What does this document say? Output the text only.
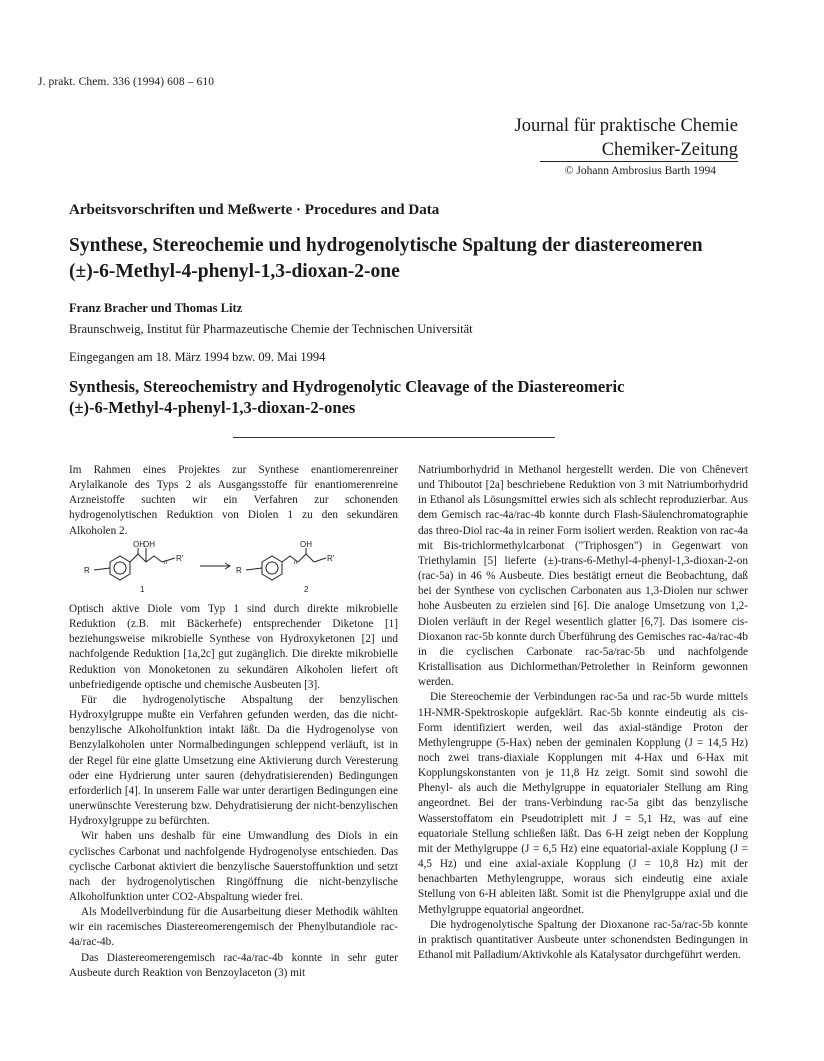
J. prakt. Chem. 336 (1994) 608 – 610
Journal für praktische Chemie
Chemiker-Zeitung
© Johann Ambrosius Barth 1994
Arbeitsvorschriften und Meßwerte · Procedures and Data
Synthese, Stereochemie und hydrogenolytische Spaltung der diastereomeren
(±)-6-Methyl-4-phenyl-1,3-dioxan-2-one
Franz Bracher und Thomas Litz
Braunschweig, Institut für Pharmazeutische Chemie der Technischen Universität
Eingegangen am 18. März 1994 bzw. 09. Mai 1994
Synthesis, Stereochemistry and Hydrogenolytic Cleavage of the Diastereomeric
(±)-6-Methyl-4-phenyl-1,3-dioxan-2-ones

Im Rahmen eines Projektes zur Synthese enantiomerenreiner Arylalkanole des Typs 2 als Ausgangsstoffe für enantiomerenreine Arzneistoffe suchten wir ein Verfahren zur schonenden hydrogenolytischen Reduktion von Diolen 1 zu den sekundären Alkoholen 2.

OH
OH
R
n R'
1
OH
R
n	R'
2

Optisch aktive Diole vom Typ 1 sind durch direkte mikrobielle Reduktion (z.B. mit Bäckerhefe) entsprechender Diketone [1] beziehungsweise mikrobielle Synthese von Hydroxyketonen [2] und nachfolgende Reduktion [1a,2c] gut zugänglich. Die direkte mikrobielle Reduktion von Monoketonen zu sekundären Alkoholen liefert oft unbefriedigende optische und chemische Ausbeuten [3].

Für die hydrogenolytische Abspaltung der benzylischen Hydroxylgruppe mußte ein Verfahren gefunden werden, das die nicht-benzylische Alkoholfunktion intakt läßt. Da die Hydrogenolyse von Benzylalkoholen unter Normalbedingungen schleppend verläuft, ist in der Regel für eine glatte Umsetzung eine Aktivierung durch Veresterung oder eine Hydrierung unter sauren (dehydratisierenden) Bedingungen erforderlich [4]. In unserem Falle war unter derartigen Bedingungen eine unerwünschte Veresterung bzw. Dehydratisierung der nicht-benzylischen Hydroxylgruppe zu befürchten.

Wir haben uns deshalb für eine Umwandlung des Diols in ein cyclisches Carbonat und nachfolgende Hydrogenolyse entschieden. Das cyclische Carbonat aktiviert die benzylische Sauerstoffunktion und setzt nach der hydrogenolytischen Ringöffnung die nicht-benzylische Alkoholfunktion unter CO2-Abspaltung wieder frei.

Als Modellverbindung für die Ausarbeitung dieser Methodik wählten wir ein racemisches Diastereomerengemisch der Phenylbutandiole rac-4a/rac-4b.

Das Diastereomerengemisch rac-4a/rac-4b konnte in sehr guter Ausbeute durch Reaktion von Benzoylaceton (3) mit

Natriumborhydrid in Methanol hergestellt werden. Die von Chênevert und Thiboutot [2a] beschriebene Reduktion von 3 mit Natriumborhydrid in Ethanol als Lösungsmittel erwies sich als schlecht reproduzierbar. Aus dem Gemisch rac-4a/rac-4b konnte durch Flash-Säulenchromatographie das threo-Diol rac-4a in reiner Form isoliert werden. Reaktion von rac-4a mit Bis-trichlormethylcarbonat ("Triphosgen") in Gegenwart von Triethylamin [5] lieferte (±)-trans-6-Methyl-4-phenyl-1,3-dioxan-2-on (rac-5a) in 46 % Ausbeute. Dies bestätigt erneut die Beobachtung, daß bei der Synthese von cyclischen Carbonaten aus 1,3-Diolen nur schwer hohe Ausbeuten zu erzielen sind [6]. Die analoge Umsetzung von 1,2-Diolen verläuft in der Regel wesentlich glatter [6,7]. Das isomere cis-Dioxanon rac-5b konnte durch Überführung des Gemisches rac-4a/rac-4b in die cyclischen Carbonate rac-5a/rac-5b und nachfolgende Kristallisation aus Dichlormethan/Petrolether in Reinform gewonnen werden.

Die Stereochemie der Verbindungen rac-5a und rac-5b wurde mittels 1H-NMR-Spektroskopie aufgeklärt. Rac-5b konnte eindeutig als cis-Form identifiziert werden, weil das axial-ständige Proton der Methylengruppe (5-Hax) neben der geminalen Kopplung (J = 14,5 Hz) noch zwei trans-diaxiale Kopplungen mit 4-Hax und 6-Hax mit Kopplungskonstanten von je 11,8 Hz zeigt. Somit sind sowohl die Phenyl- als auch die Methylgruppe in equatorialer Stellung am Ring angeordnet. Bei der trans-Verbindung rac-5a gibt das benzylische Wasserstoffatom ein Pseudotriplett mit J = 5,1 Hz, was auf eine equatoriale Stellung schließen läßt. Das 6-H zeigt neben der Kopplung mit der Methylgruppe (J = 6,5 Hz) eine equatorial-axiale Kopplung (J = 4,5 Hz) und eine axial-axiale Kopplung (J = 10,8 Hz) mit der benachbarten Methylengruppe, woraus sich eindeutig eine axiale Stellung von 6-H ableiten läßt. Somit ist die Phenylgruppe axial und die Methylgruppe equatorial angeordnet.

Die hydrogenolytische Spaltung der Dioxanone rac-5a/rac-5b konnte in praktisch quantitativer Ausbeute unter schonendsten Bedingungen in Ethanol mit Palladium/Aktivkohle als Katalysator durchgeführt werden.
